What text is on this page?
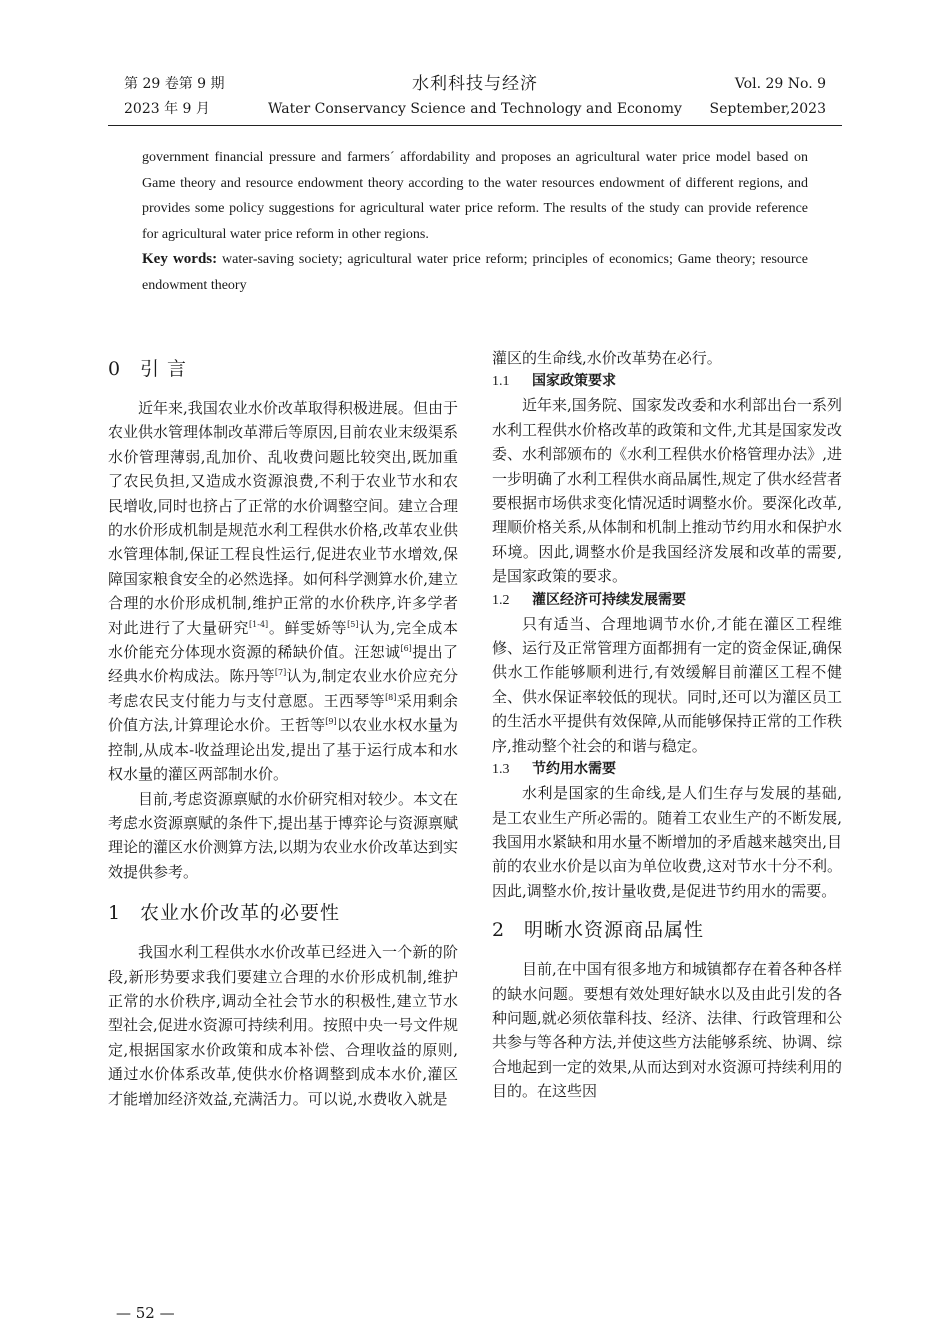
第 29 卷第 9 期
2023 年 9 月
水利科技与经济
Water Conservancy Science and Technology and Economy
Vol. 29 No. 9
September,2023

government financial pressure and farmers´ affordability and proposes an agricultural water price model based on Game theory and resource endowment theory according to the water resources endowment of different regions, and provides some policy suggestions for agricultural water price reform. The results of the study can provide reference for agricultural water price reform in other regions.

Key words: water-saving society; agricultural water price reform; principles of economics; Game theory; resource endowment theory

0 引 言

近年来,我国农业水价改革取得积极进展。但由于农业供水管理体制改革滞后等原因,目前农业末级渠系水价管理薄弱,乱加价、乱收费问题比较突出,既加重了农民负担,又造成水资源浪费,不利于农业节水和农民增收,同时也挤占了正常的水价调整空间。建立合理的水价形成机制是规范水利工程供水价格,改革农业供水管理体制,保证工程良性运行,促进农业节水增效,保障国家粮食安全的必然选择。如何科学测算水价,建立合理的水价形成机制,维护正常的水价秩序,许多学者对此进行了大量研究[1-4]。鲜雯娇等[5]认为,完全成本水价能充分体现水资源的稀缺价值。汪恕诚[6]提出了经典水价构成法。陈丹等[7]认为,制定农业水价应充分考虑农民支付能力与支付意愿。王西琴等[8]采用剩余价值方法,计算理论水价。王哲等[9]以农业水权水量为控制,从成本-收益理论出发,提出了基于运行成本和水权水量的灌区两部制水价。

目前,考虑资源禀赋的水价研究相对较少。本文在考虑水资源禀赋的条件下,提出基于博弈论与资源禀赋理论的灌区水价测算方法,以期为农业水价改革达到实效提供参考。

1 农业水价改革的必要性

我国水利工程供水水价改革已经进入一个新的阶段,新形势要求我们要建立合理的水价形成机制,维护正常的水价秩序,调动全社会节水的积极性,建立节水型社会,促进水资源可持续利用。按照中央一号文件规定,根据国家水价政策和成本补偿、合理收益的原则,通过水价体系改革,使供水价格调整到成本水价,灌区才能增加经济效益,充满活力。可以说,水费收入就是

灌区的生命线,水价改革势在必行。

1.1 国家政策要求

近年来,国务院、国家发改委和水利部出台一系列水利工程供水价格改革的政策和文件,尤其是国家发改委、水利部颁布的《水利工程供水价格管理办法》,进一步明确了水利工程供水商品属性,规定了供水经营者要根据市场供求变化情况适时调整水价。要深化改革,理顺价格关系,从体制和机制上推动节约用水和保护水环境。因此,调整水价是我国经济发展和改革的需要,是国家政策的要求。

1.2 灌区经济可持续发展需要

只有适当、合理地调节水价,才能在灌区工程维修、运行及正常管理方面都拥有一定的资金保证,确保供水工作能够顺利进行,有效缓解目前灌区工程不健全、供水保证率较低的现状。同时,还可以为灌区员工的生活水平提供有效保障,从而能够保持正常的工作秩序,推动整个社会的和谐与稳定。

1.3 节约用水需要

水利是国家的生命线,是人们生存与发展的基础,是工农业生产所必需的。随着工农业生产的不断发展,我国用水紧缺和用水量不断增加的矛盾越来越突出,目前的农业水价是以亩为单位收费,这对节水十分不利。因此,调整水价,按计量收费,是促进节约用水的需要。

2 明晰水资源商品属性

目前,在中国有很多地方和城镇都存在着各种各样的缺水问题。要想有效处理好缺水以及由此引发的各种问题,就必须依靠科技、经济、法律、行政管理和公共参与等各种方法,并使这些方法能够系统、协调、综合地起到一定的效果,从而达到对水资源可持续利用的目的。在这些因

— 52 —
